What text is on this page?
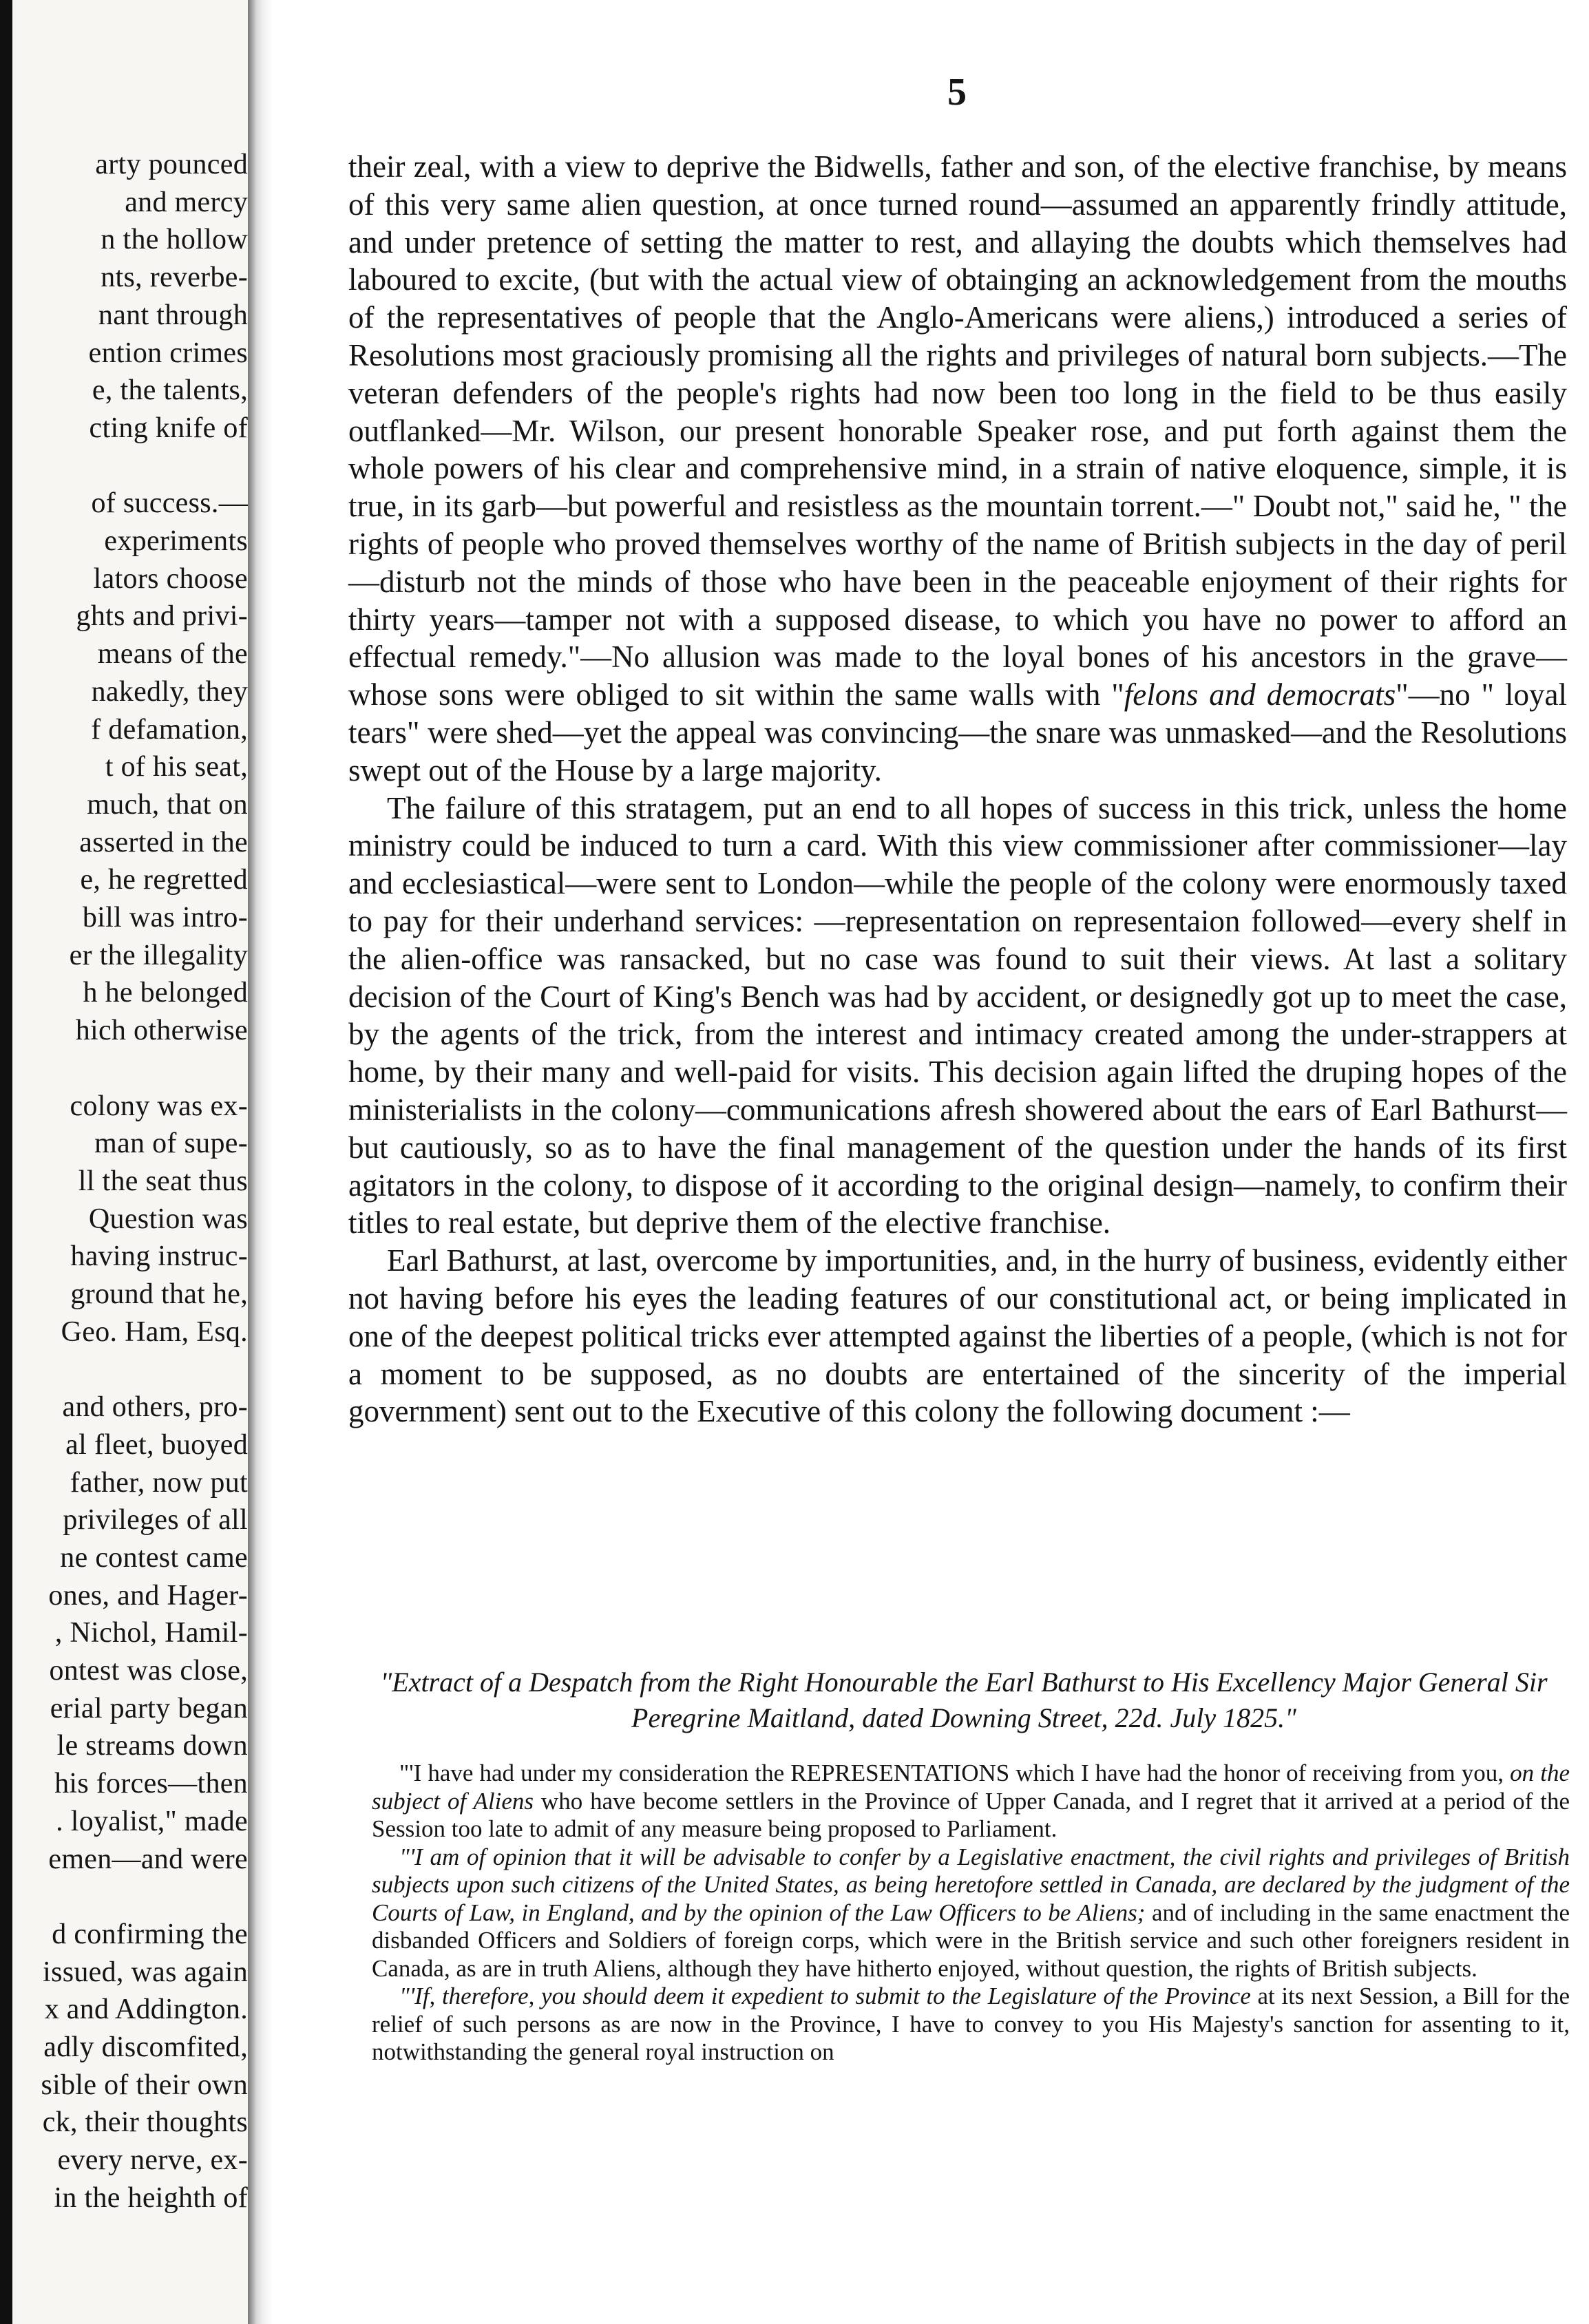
arty pounced
and mercy
n the hollow
nts, reverbe-
nant through
ention crimes
e, the talents,
cting knife of
of success.—
experiments
lators choose
ghts and privi-
means of the
nakedly, they
f defamation,
t of his seat,
much, that on
asserted in the
e, he regretted
bill was intro-
er the illegality
h he belonged
hich otherwise
colony was ex-
man of supe-
ll the seat thus
Question was
having instruc-
ground that he,
Geo. Ham, Esq.
and others, pro-
al fleet, buoyed
father, now put
privileges of all
ne contest came
ones, and Hager-
, Nichol, Hamil-
ontest was close,
erial party began
le streams down
his forces—then
. loyalist," made
emen—and were
d confirming the
issued, was again
x and Addington.
adly discomfited,
sible of their own
ck, their thoughts
every nerve, ex-
in the heighth of
5

their zeal, with a view to deprive the Bidwells, father and son, of the elective franchise, by means of this very same alien question, at once turned round—assumed an apparently frindly attitude, and under pretence of setting the matter to rest, and allaying the doubts which themselves had laboured to excite, (but with the actual view of obtainging an acknowledgement from the mouths of the representatives of people that the Anglo-Americans were aliens,) introduced a series of Resolutions most graciously promising all the rights and privileges of natural born subjects.—The veteran defenders of the people's rights had now been too long in the field to be thus easily outflanked—Mr. Wilson, our present honorable Speaker rose, and put forth against them the whole powers of his clear and comprehensive mind, in a strain of native eloquence, simple, it is true, in its garb—but powerful and resistless as the mountain torrent.—" Doubt not," said he, " the rights of people who proved themselves worthy of the name of British subjects in the day of peril—disturb not the minds of those who have been in the peaceable enjoyment of their rights for thirty years—tamper not with a supposed disease, to which you have no power to afford an effectual remedy."—No allusion was made to the loyal bones of his ancestors in the grave— whose sons were obliged to sit within the same walls with "felons and democrats"—no " loyal tears" were shed—yet the appeal was convincing—the snare was unmasked—and the Resolutions swept out of the House by a large majority.

The failure of this stratagem, put an end to all hopes of success in this trick, unless the home ministry could be induced to turn a card. With this view commissioner after commissioner—lay and ecclesiastical—were sent to London—while the people of the colony were enormously taxed to pay for their underhand services: —representation on representaion followed—every shelf in the alien-office was ransacked, but no case was found to suit their views. At last a solitary decision of the Court of King's Bench was had by accident, or designedly got up to meet the case, by the agents of the trick, from the interest and intimacy created among the under-strappers at home, by their many and well-paid for visits. This decision again lifted the druping hopes of the ministerialists in the colony—communications afresh showered about the ears of Earl Bathurst—but cautiously, so as to have the final management of the question under the hands of its first agitators in the colony, to dispose of it according to the original design—namely, to confirm their titles to real estate, but deprive them of the elective franchise.

Earl Bathurst, at last, overcome by importunities, and, in the hurry of business, evidently either not having before his eyes the leading features of our constitutional act, or being implicated in one of the deepest political tricks ever attempted against the liberties of a people, (which is not for a moment to be supposed, as no doubts are entertained of the sincerity of the imperial government) sent out to the Executive of this colony the following document :—

"Extract of a Despatch from the Right Honourable the Earl Bathurst to His Excellency Major General Sir Peregrine Maitland, dated Downing Street, 22d. July 1825."

"'I have had under my consideration the REPRESENTATIONS which I have had the honor of receiving from you, on the subject of Aliens who have become settlers in the Province of Upper Canada, and I regret that it arrived at a period of the Session too late to admit of any measure being proposed to Parliament.

"'I am of opinion that it will be advisable to confer by a Legislative enactment, the civil rights and privileges of British subjects upon such citizens of the United States, as being heretofore settled in Canada, are declared by the judgment of the Courts of Law, in England, and by the opinion of the Law Officers to be Aliens; and of including in the same enactment the disbanded Officers and Soldiers of foreign corps, which were in the British service and such other foreigners resident in Canada, as are in truth Aliens, although they have hitherto enjoyed, without question, the rights of British subjects.

"'If, therefore, you should deem it expedient to submit to the Legislature of the Province at its next Session, a Bill for the relief of such persons as are now in the Province, I have to convey to you His Majesty's sanction for assenting to it, notwithstanding the general royal instruction on
